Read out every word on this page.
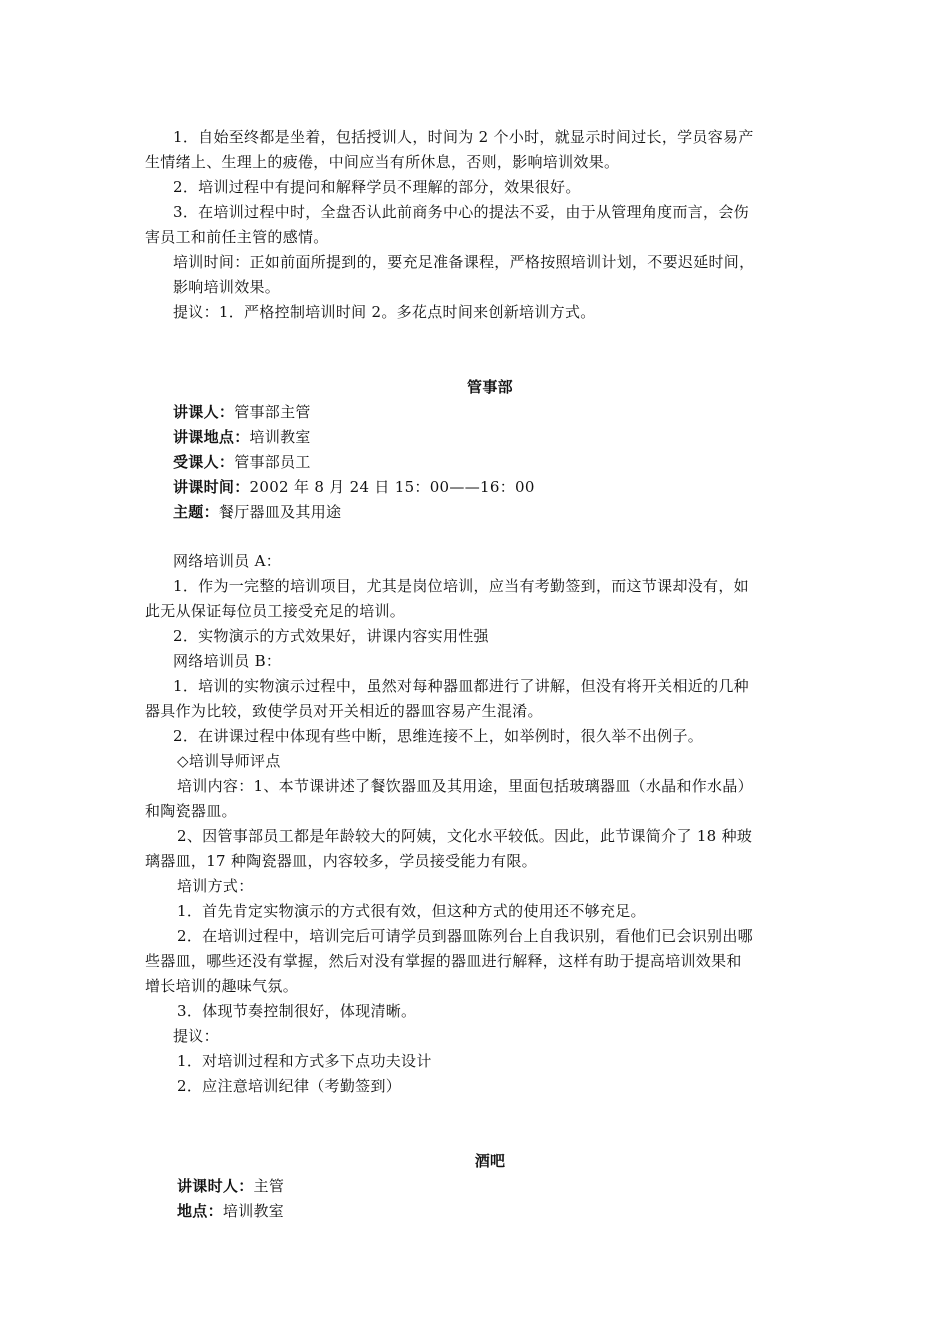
1．自始至终都是坐着，包括授训人，时间为 2 个小时，就显示时间过长，学员容易产
生情绪上、生理上的疲倦，中间应当有所休息，否则，影响培训效果。
2．培训过程中有提问和解释学员不理解的部分，效果很好。
3．在培训过程中时，全盘否认此前商务中心的提法不妥，由于从管理角度而言，会伤
害员工和前任主管的感情。
培训时间：正如前面所提到的，要充足准备课程，严格按照培训计划，不要迟延时间，
影响培训效果。
提议：1．严格控制培训时间 2。多花点时间来创新培训方式。
管事部
讲课人：管事部主管
讲课地点：培训教室
受课人：管事部员工
讲课时间：2002 年 8 月 24 日 15：00——16：00
主题：餐厅器皿及其用途
网络培训员 A：
1．作为一完整的培训项目，尤其是岗位培训，应当有考勤签到，而这节课却没有，如
此无从保证每位员工接受充足的培训。
2．实物演示的方式效果好，讲课内容实用性强
网络培训员 B：
1．培训的实物演示过程中，虽然对每种器皿都进行了讲解，但没有将开关相近的几种
器具作为比较，致使学员对开关相近的器皿容易产生混淆。
2．在讲课过程中体现有些中断，思维连接不上，如举例时，很久举不出例子。
◇培训导师评点
培训内容：1、本节课讲述了餐饮器皿及其用途，里面包括玻璃器皿（水晶和作水晶）
和陶瓷器皿。
2、因管事部员工都是年龄较大的阿姨，文化水平较低。因此，此节课简介了 18 种玻
璃器皿，17 种陶瓷器皿，内容较多，学员接受能力有限。
培训方式：
1．首先肯定实物演示的方式很有效，但这种方式的使用还不够充足。
2．在培训过程中，培训完后可请学员到器皿陈列台上自我识别，看他们已会识别出哪
些器皿，哪些还没有掌握，然后对没有掌握的器皿进行解释，这样有助于提高培训效果和
增长培训的趣味气氛。
3．体现节奏控制很好，体现清晰。
提议：
1．对培训过程和方式多下点功夫设计
2．应注意培训纪律（考勤签到）
酒吧
讲课时人：主管
地点：培训教室
